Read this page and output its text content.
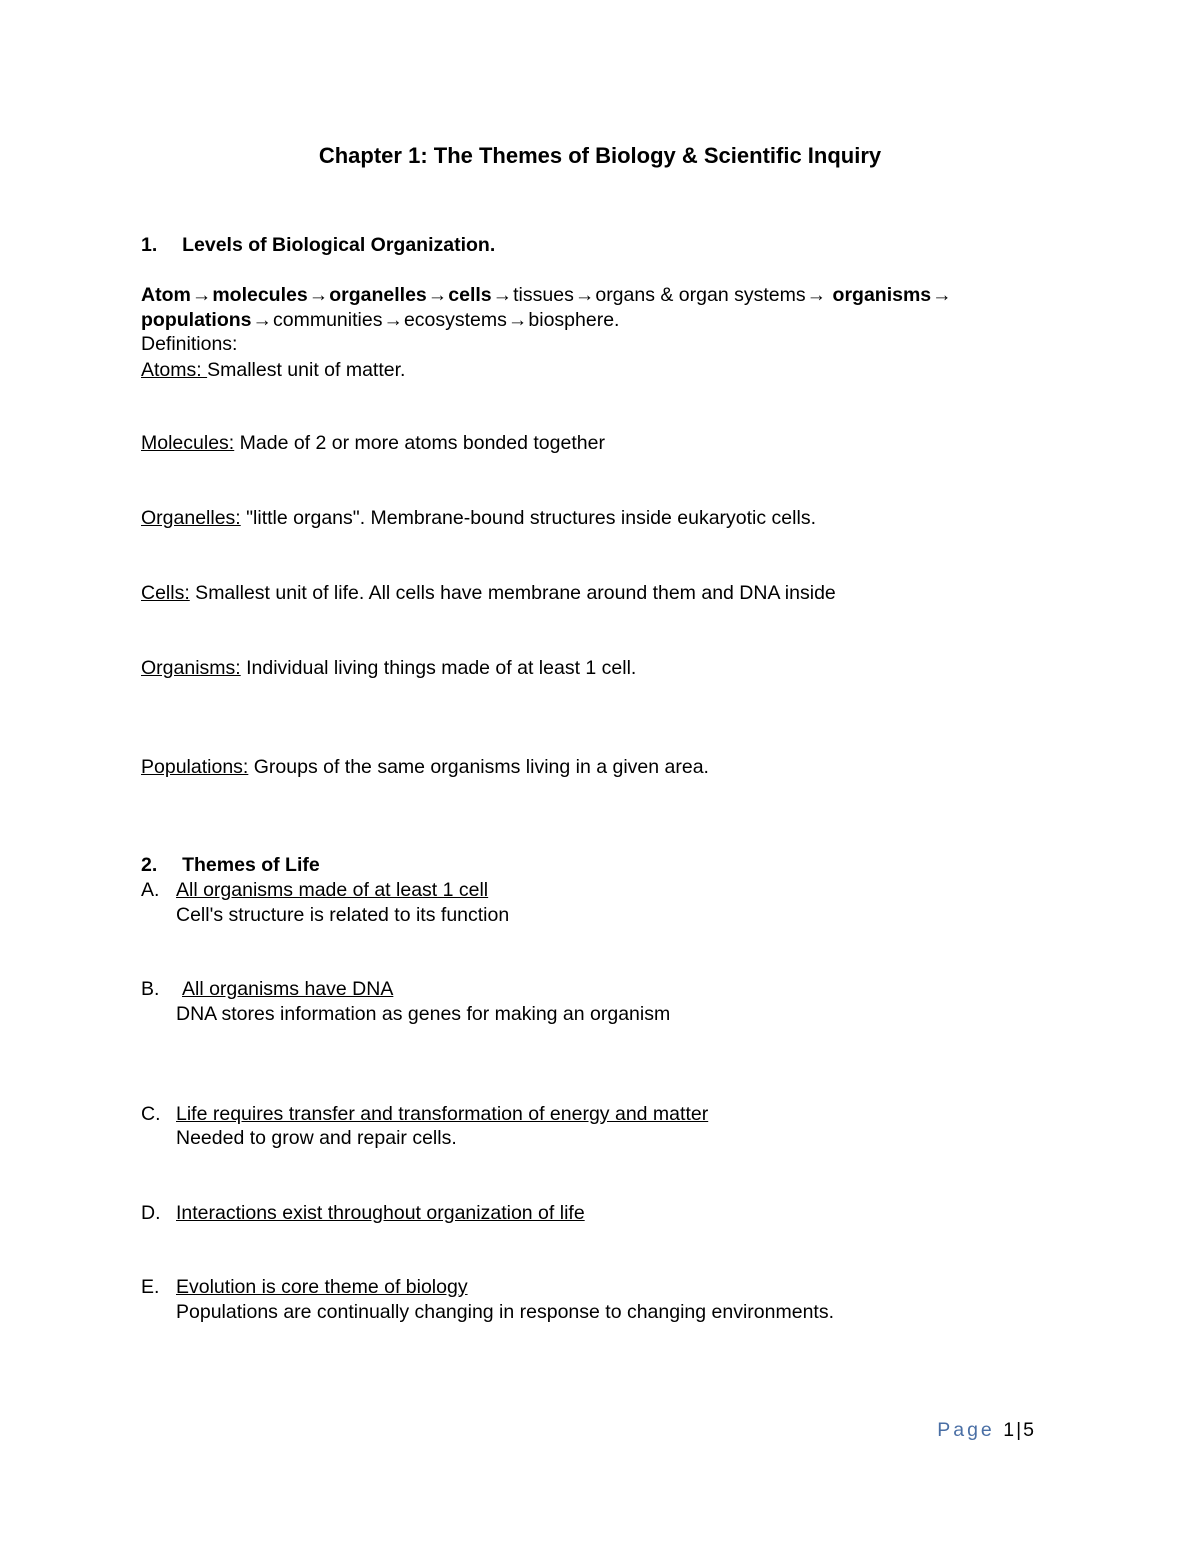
Chapter 1: The Themes of Biology & Scientific Inquiry
1. Levels of Biological Organization.
Atom→molecules→organelles→cells→tissues→organs & organ systems→ organisms→
populations→communities→ecosystems→biosphere.
Definitions:
Atoms: Smallest unit of matter.
Molecules: Made of 2 or more atoms bonded together
Organelles: "little organs". Membrane-bound structures inside eukaryotic cells.
Cells: Smallest unit of life. All cells have membrane around them and DNA inside
Organisms: Individual living things made of at least 1 cell.
Populations: Groups of the same organisms living in a given area.
2. Themes of Life
A. All organisms made of at least 1 cell
Cell's structure is related to its function
B. All organisms have DNA
DNA stores information as genes for making an organism
C. Life requires transfer and transformation of energy and matter
Needed to grow and repair cells.
D. Interactions exist throughout organization of life
E. Evolution is core theme of biology
Populations are continually changing in response to changing environments.
Page 1 | 5
